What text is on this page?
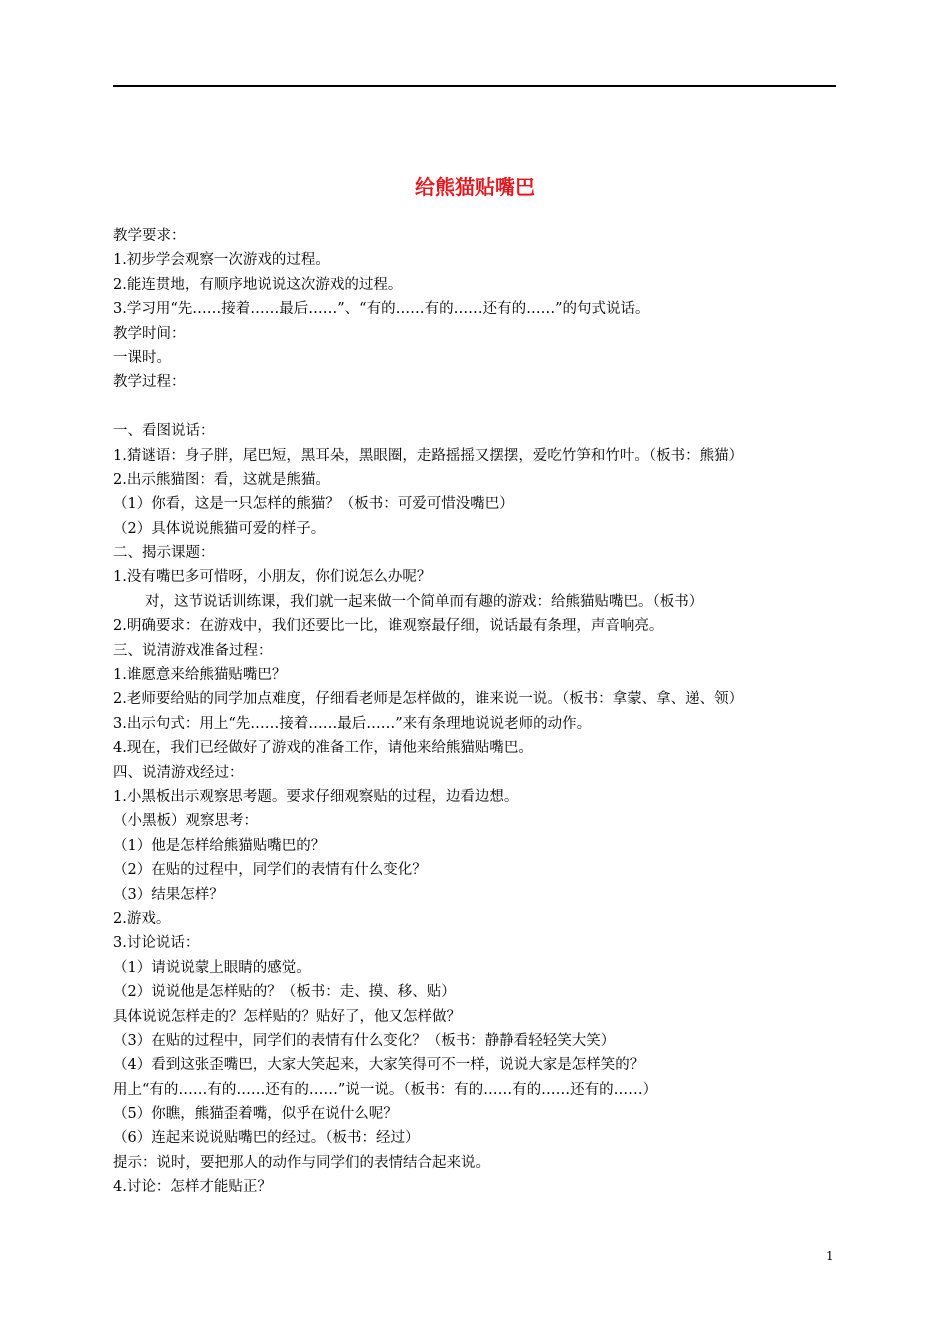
给熊猫贴嘴巴
教学要求：
1.初步学会观察一次游戏的过程。
2.能连贯地，有顺序地说说这次游戏的过程。
3.学习用“先……接着……最后……”、“有的……有的……还有的……”的句式说话。
教学时间：
一课时。
教学过程：
一、看图说话：
1.猜谜语：身子胖，尾巴短，黑耳朵，黑眼圈，走路摇摇又摆摆，爱吃竹笋和竹叶。（板书：熊猫）
2.出示熊猫图：看，这就是熊猫。
（1）你看，这是一只怎样的熊猫？（板书：可爱可惜没嘴巴）
（2）具体说说熊猫可爱的样子。
二、揭示课题：
1.没有嘴巴多可惜呀，小朋友，你们说怎么办呢？
对，这节说话训练课，我们就一起来做一个简单而有趣的游戏：给熊猫贴嘴巴。（板书）
2.明确要求：在游戏中，我们还要比一比，谁观察最仔细，说话最有条理，声音响亮。
三、说清游戏准备过程：
1.谁愿意来给熊猫贴嘴巴？
2.老师要给贴的同学加点难度，仔细看老师是怎样做的，谁来说一说。（板书：拿蒙、拿、递、领）
3.出示句式：用上“先……接着……最后……”来有条理地说说老师的动作。
4.现在，我们已经做好了游戏的准备工作，请他来给熊猫贴嘴巴。
四、说清游戏经过：
1.小黑板出示观察思考题。要求仔细观察贴的过程，边看边想。
（小黑板）观察思考：
（1）他是怎样给熊猫贴嘴巴的？
（2）在贴的过程中，同学们的表情有什么变化？
（3）结果怎样？
2.游戏。
3.讨论说话：
（1）请说说蒙上眼睛的感觉。
（2）说说他是怎样贴的？（板书：走、摸、移、贴）
具体说说怎样走的？怎样贴的？贴好了，他又怎样做？
（3）在贴的过程中，同学们的表情有什么变化？（板书：静静看轻轻笑大笑）
（4）看到这张歪嘴巴，大家大笑起来，大家笑得可不一样，说说大家是怎样笑的？
用上“有的……有的……还有的……”说一说。（板书：有的……有的……还有的……）
（5）你瞧，熊猫歪着嘴，似乎在说什么呢？
（6）连起来说说贴嘴巴的经过。（板书：经过）
提示：说时，要把那人的动作与同学们的表情结合起来说。
4.讨论：怎样才能贴正？
1
